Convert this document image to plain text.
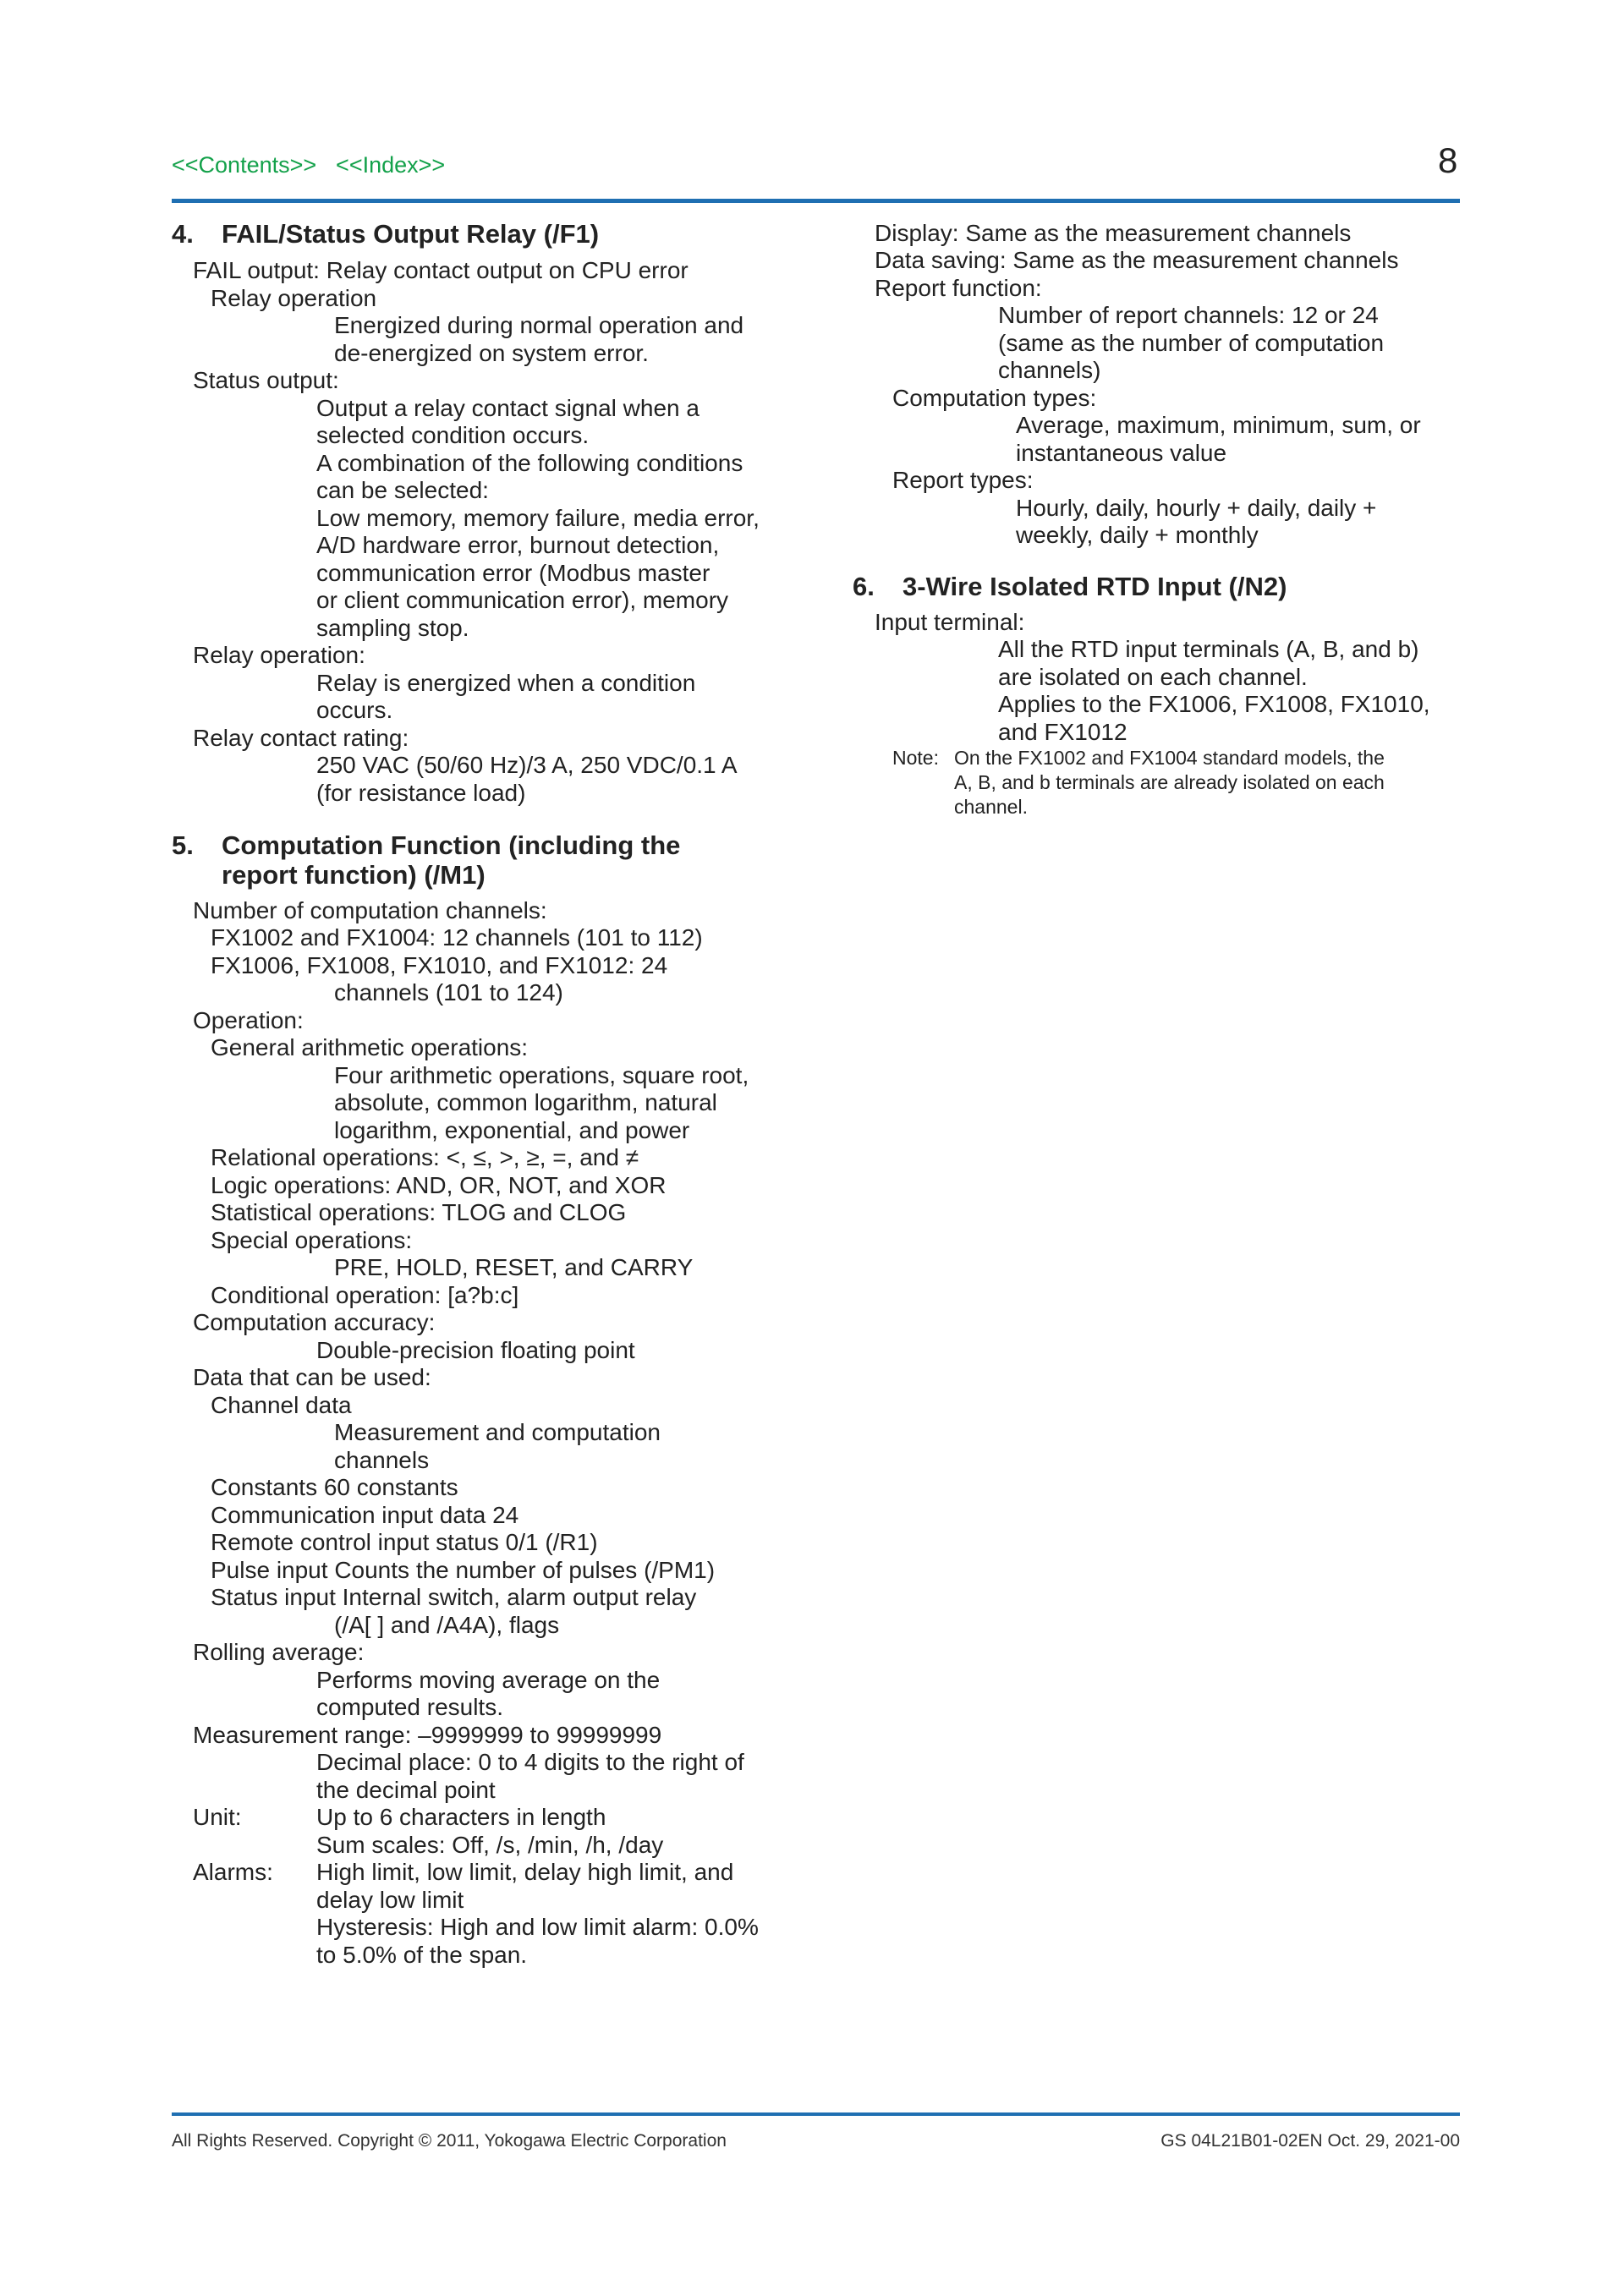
<<Contents>> <<Index>>	8
4. FAIL/Status Output Relay (/F1)
FAIL output: Relay contact output on CPU error
Relay operation
Energized during normal operation and
de-energized on system error.
Status output:
Output a relay contact signal when a
selected condition occurs.
A combination of the following conditions
can be selected:
Low memory, memory failure, media error,
A/D hardware error, burnout detection,
communication error (Modbus master
or client communication error), memory
sampling stop.
Relay operation:
Relay is energized when a condition
occurs.
Relay contact rating:
250 VAC (50/60 Hz)/3 A, 250 VDC/0.1 A
(for resistance load)
5. Computation Function (including the
report function) (/M1)
Number of computation channels:
FX1002 and FX1004: 12 channels (101 to 112)
FX1006, FX1008, FX1010, and FX1012: 24
channels (101 to 124)
Operation:
General arithmetic operations:
Four arithmetic operations, square root,
absolute, common logarithm, natural
logarithm, exponential, and power
Relational operations: <, ≤, >, ≥, =, and ≠
Logic operations: AND, OR, NOT, and XOR
Statistical operations: TLOG and CLOG
Special operations:
PRE, HOLD, RESET, and CARRY
Conditional operation: [a?b:c]
Computation accuracy:
Double-precision floating point
Data that can be used:
Channel data
Measurement and computation
channels
Constants 60 constants
Communication input data 24
Remote control input status 0/1 (/R1)
Pulse input Counts the number of pulses (/PM1)
Status input Internal switch, alarm output relay
(/A[ ] and /A4A), flags
Rolling average:
Performs moving average on the
computed results.
Measurement range: –9999999 to 99999999
Decimal place: 0 to 4 digits to the right of
the decimal point
Unit:	Up to 6 characters in length
Sum scales: Off, /s, /min, /h, /day
Alarms: High limit, low limit, delay high limit, and
delay low limit
Hysteresis: High and low limit alarm: 0.0%
to 5.0% of the span.
Display: Same as the measurement channels
Data saving: Same as the measurement channels
Report function:
Number of report channels: 12 or 24
(same as the number of computation
channels)
Computation types:
Average, maximum, minimum, sum, or
instantaneous value
Report types:
Hourly, daily, hourly + daily, daily +
weekly, daily + monthly
6. 3-Wire Isolated RTD Input (/N2)
Input terminal:
All the RTD input terminals (A, B, and b)
are isolated on each channel.
Applies to the FX1006, FX1008, FX1010,
and FX1012
Note: On the FX1002 and FX1004 standard models, the
A, B, and b terminals are already isolated on each
channel.
All Rights Reserved. Copyright © 2011, Yokogawa Electric Corporation	GS 04L21B01-02EN Oct. 29, 2021-00
